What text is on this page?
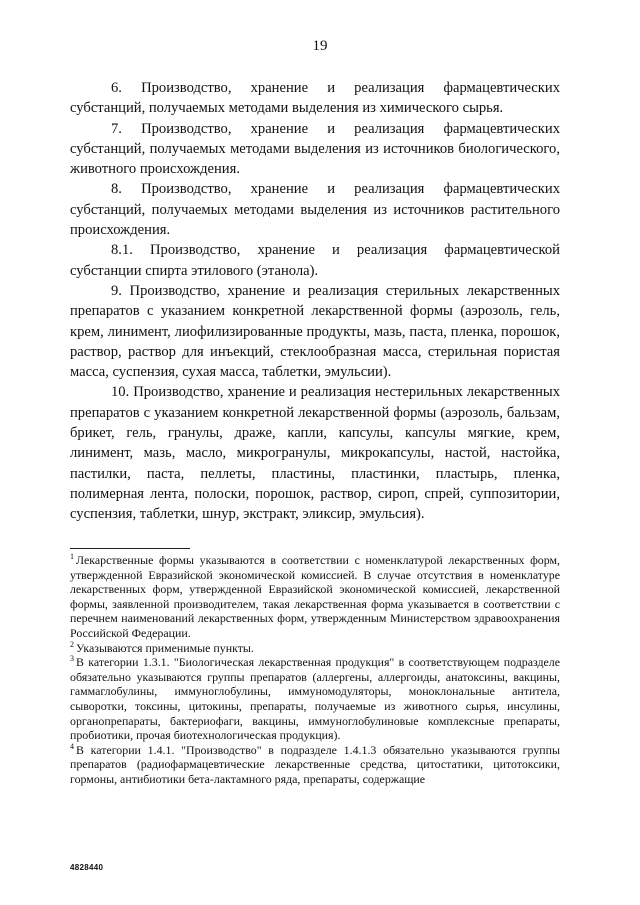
19

6. Производство, хранение и реализация фармацевтических субстанций, получаемых методами выделения из химического сырья.

7. Производство, хранение и реализация фармацевтических субстанций, получаемых методами выделения из источников биологического, животного происхождения.

8. Производство, хранение и реализация фармацевтических субстанций, получаемых методами выделения из источников растительного происхождения.

8.1. Производство, хранение и реализация фармацевтической субстанции спирта этилового (этанола).

9. Производство, хранение и реализация стерильных лекарственных препаратов с указанием конкретной лекарственной формы (аэрозоль, гель, крем, линимент, лиофилизированные продукты, мазь, паста, пленка, порошок, раствор, раствор для инъекций, стеклообразная масса, стерильная пористая масса, суспензия, сухая масса, таблетки, эмульсии).

10. Производство, хранение и реализация нестерильных лекарственных препаратов с указанием конкретной лекарственной формы (аэрозоль, бальзам, брикет, гель, гранулы, драже, капли, капсулы, капсулы мягкие, крем, линимент, мазь, масло, микрогранулы, микрокапсулы, настой, настойка, пастилки, паста, пеллеты, пластины, пластинки, пластырь, пленка, полимерная лента, полоски, порошок, раствор, сироп, спрей, суппозитории, суспензия, таблетки, шнур, экстракт, эликсир, эмульсия).

$^1$ Лекарственные формы указываются в соответствии с номенклатурой лекарственных форм, утвержденной Евразийской экономической комиссией. В случае отсутствия в номенклатуре лекарственных форм, утвержденной Евразийской экономической комиссией, лекарственной формы, заявленной производителем, такая лекарственная форма указывается в соответствии с перечнем наименований лекарственных форм, утвержденным Министерством здравоохранения Российской Федерации.

$^2$ Указываются применимые пункты.

$^3$ В категории 1.3.1. "Биологическая лекарственная продукция" в соответствующем подразделе обязательно указываются группы препаратов (аллергены, аллергоиды, анатоксины, вакцины, гаммаглобулины, иммуноглобулины, иммуномодуляторы, моноклональные антитела, сыворотки, токсины, цитокины, препараты, получаемые из животного сырья, инсулины, органопрепараты, бактериофаги, вакцины, иммуноглобулиновые комплексные препараты, пробиотики, прочая биотехнологическая продукция).

$^4$ В категории 1.4.1. "Производство" в подразделе 1.4.1.3 обязательно указываются группы препаратов (радиофармацевтические лекарственные средства, цитостатики, цитотоксики, гормоны, антибиотики бета-лактамного ряда, препараты, содержащие

4828440
